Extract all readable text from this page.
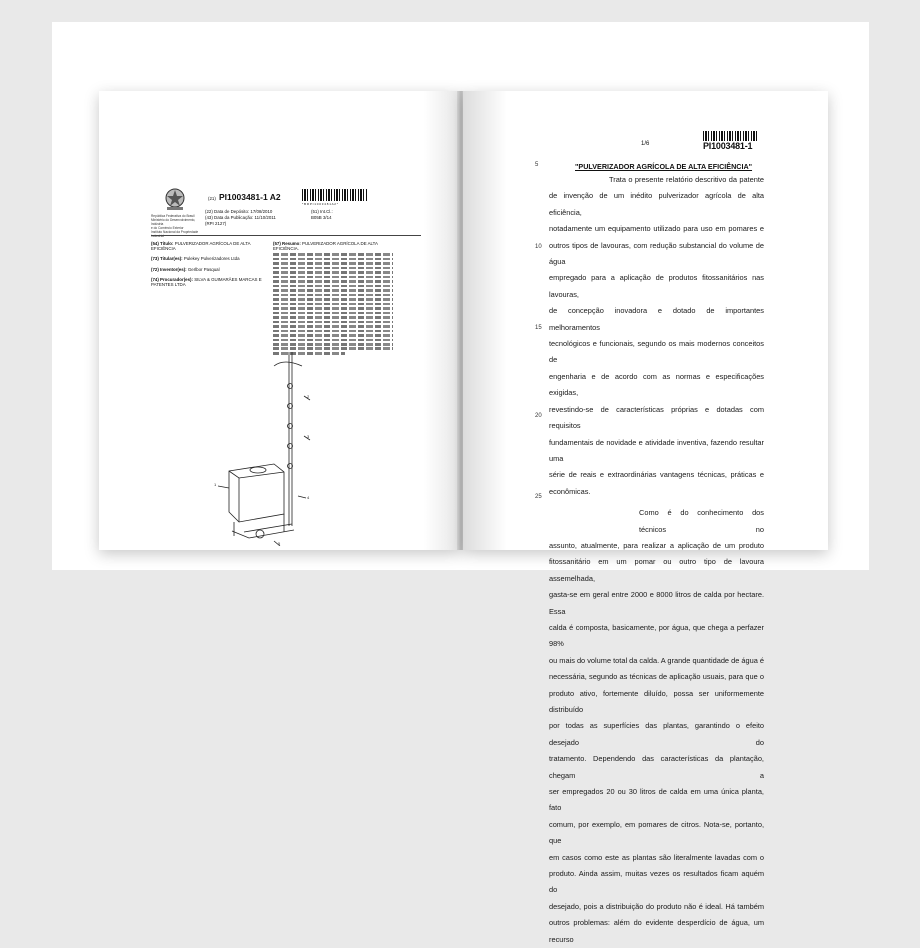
República Federativa do Brasil
Ministério do Desenvolvimento, Indústria
e do Comércio Exterior
Instituto Nacional da Propriedade
(21) PI1003481-1 A2
* B R P I 1 0 0 3 4 8 1 A 2 *
(22) Data de Depósito: 17/08/2010
(43) Data da Publicação: 11/10/2011
(RPI 2127)
(51) Int.Cl.:
B05B 3/14
(54) Título: PULVERIZADOR AGRÍCOLA DE ALTA EFICIÊNCIA
(73) Titular(es): Pulekey Pulverizadores Ltda
(72) Inventor(es): Gerlbor Pasqual
(74) Procurador(es): SILVA & GUIMARÃES MARCAS E PATENTES LTDA
(57) Resumo: PULVERIZADOR AGRÍCOLA DE ALTA EFICIÊNCIA.
1
2
3
4
5
1/6	PI1003481-1
"PULVERIZADOR AGRÍCOLA DE ALTA EFICIÊNCIA"
Trata o presente relatório descritivo da patente
de invenção de um inédito pulverizador agrícola de alta eficiência,
notadamente um equipamento utilizado para uso em pomares e
outros tipos de lavouras, com redução substancial do volume de água
empregado para a aplicação de produtos fitossanitários nas lavouras,
de concepção inovadora e dotado de importantes melhoramentos
tecnológicos e funcionais, segundo os mais modernos conceitos de
engenharia e de acordo com as normas e especificações exigidas,
revestindo-se de características próprias e dotadas com requisitos
fundamentais de novidade e atividade inventiva, fazendo resultar uma
série de reais e extraordinárias vantagens técnicas, práticas e
econômicas.
Como é do conhecimento dos técnicos no
assunto, atualmente, para realizar a aplicação de um produto
fitossanitário em um pomar ou outro tipo de lavoura assemelhada,
gasta-se em geral entre 2000 e 8000 litros de calda por hectare. Essa
calda é composta, basicamente, por água, que chega a perfazer 98%
ou mais do volume total da calda. A grande quantidade de água é
necessária, segundo as técnicas de aplicação usuais, para que o
produto ativo, fortemente diluído, possa ser uniformemente distribuído
por todas as superfícies das plantas, garantindo o efeito desejado do
tratamento. Dependendo das características da plantação, chegam a
ser empregados 20 ou 30 litros de calda em uma única planta, fato
comum, por exemplo, em pomares de citros. Nota-se, portanto, que
em casos como este as plantas são literalmente lavadas com o
produto. Ainda assim, muitas vezes os resultados ficam aquém do
desejado, pois a distribuição do produto não é ideal. Há também
outros problemas: além do evidente desperdício de água, um recurso
5
10
15
20
25
